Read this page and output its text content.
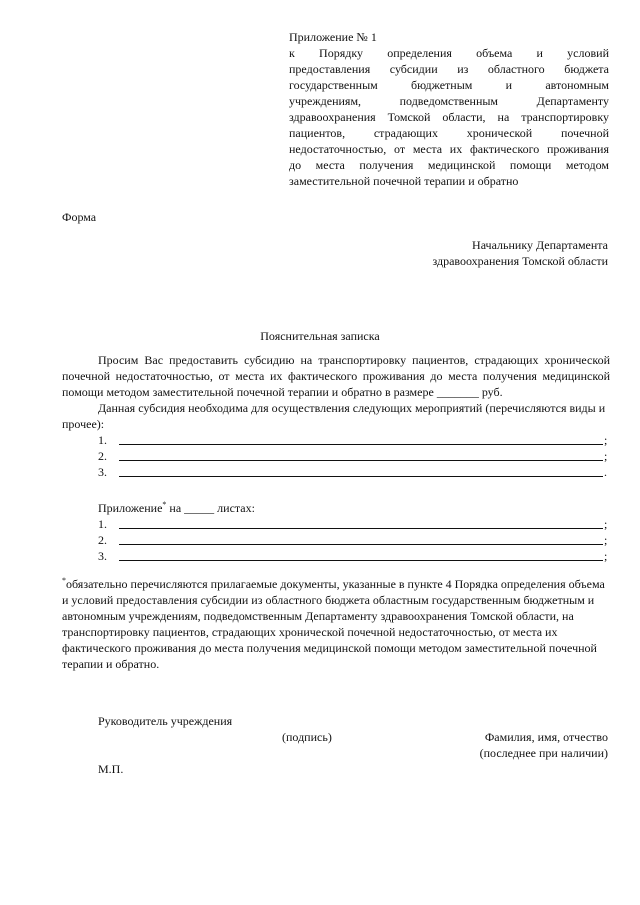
Приложение № 1
к Порядку определения объема и условий
предоставления субсидии из областного бюджета
государственным бюджетным и автономным
учреждениям, подведомственным Департаменту
здравоохранения Томской области, на транспортировку
пациентов, страдающих хронической почечной
недостаточностью, от места их фактического проживания
до места получения медицинской помощи методом
заместительной почечной терапии и обратно
Форма
Начальнику Департамента
здравоохранения Томской области
Пояснительная записка
Просим Вас предоставить субсидию на транспортировку пациентов, страдающих хронической почечной недостаточностью, от места их фактического проживания до места получения медицинской помощи методом заместительной почечной терапии и обратно в размере _______ руб.
Данная субсидия необходима для осуществления следующих мероприятий (перечисляются виды и прочее):
1.	;
2.	;
3.	.
Приложение* на _____ листах:
1.	;
2.	;
3.	;
*обязательно перечисляются прилагаемые документы, указанные в пункте 4 Порядка определения объема и условий предоставления субсидии из областного бюджета областным государственным бюджетным и автономным учреждениям, подведомственным Департаменту здравоохранения Томской области, на транспортировку пациентов, страдающих хронической почечной недостаточностью, от места их фактического проживания до места получения медицинской помощи методом заместительной почечной терапии и обратно.
Руководитель учреждения
(подпись)	Фамилия, имя, отчество
(последнее при наличии)
М.П.
